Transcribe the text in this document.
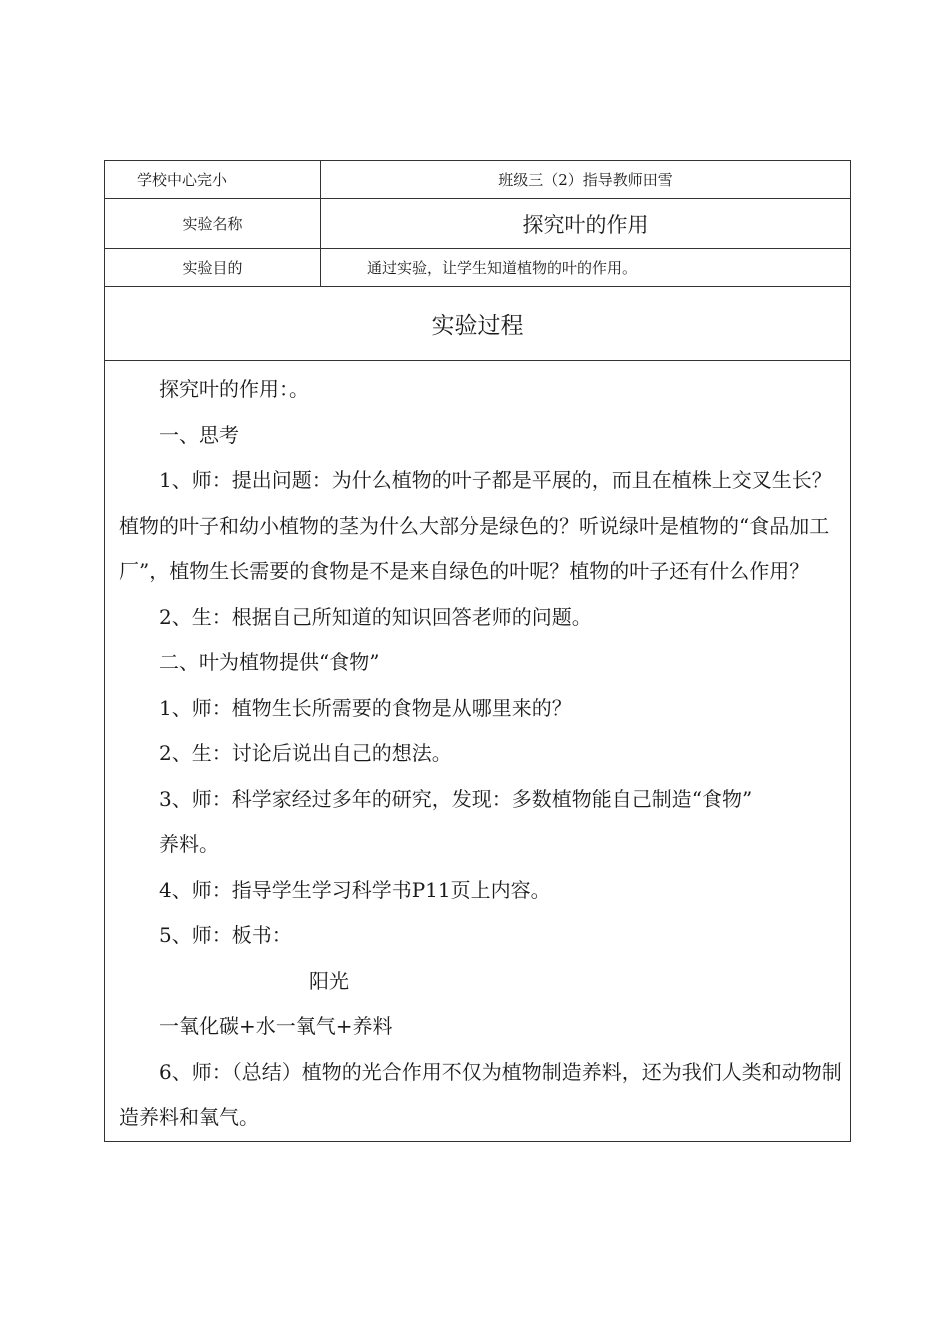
学校中心完小	班级三（2）指导教师田雪
实验名称	探究叶的作用
实验目的	通过实验，让学生知道植物的叶的作用。
实验过程

探究叶的作用：。

一、思考

1、师：提出问题：为什么植物的叶子都是平展的，而且在植株上交叉生长？植物的叶子和幼小植物的茎为什么大部分是绿色的？听说绿叶是植物的“食品加工厂”，植物生长需要的食物是不是来自绿色的叶呢？植物的叶子还有什么作用？

2、生：根据自己所知道的知识回答老师的问题。

二、叶为植物提供“食物”

1、师：植物生长所需要的食物是从哪里来的？

2、生：讨论后说出自己的想法。

3、师：科学家经过多年的研究，发现：多数植物能自己制造“食物”

养料。

4、师：指导学生学习科学书P11页上内容。

5、师：板书：

阳光

一氧化碳+水一氧气+养料

6、师：（总结）植物的光合作用不仅为植物制造养料，还为我们人类和动物制造养料和氧气。
